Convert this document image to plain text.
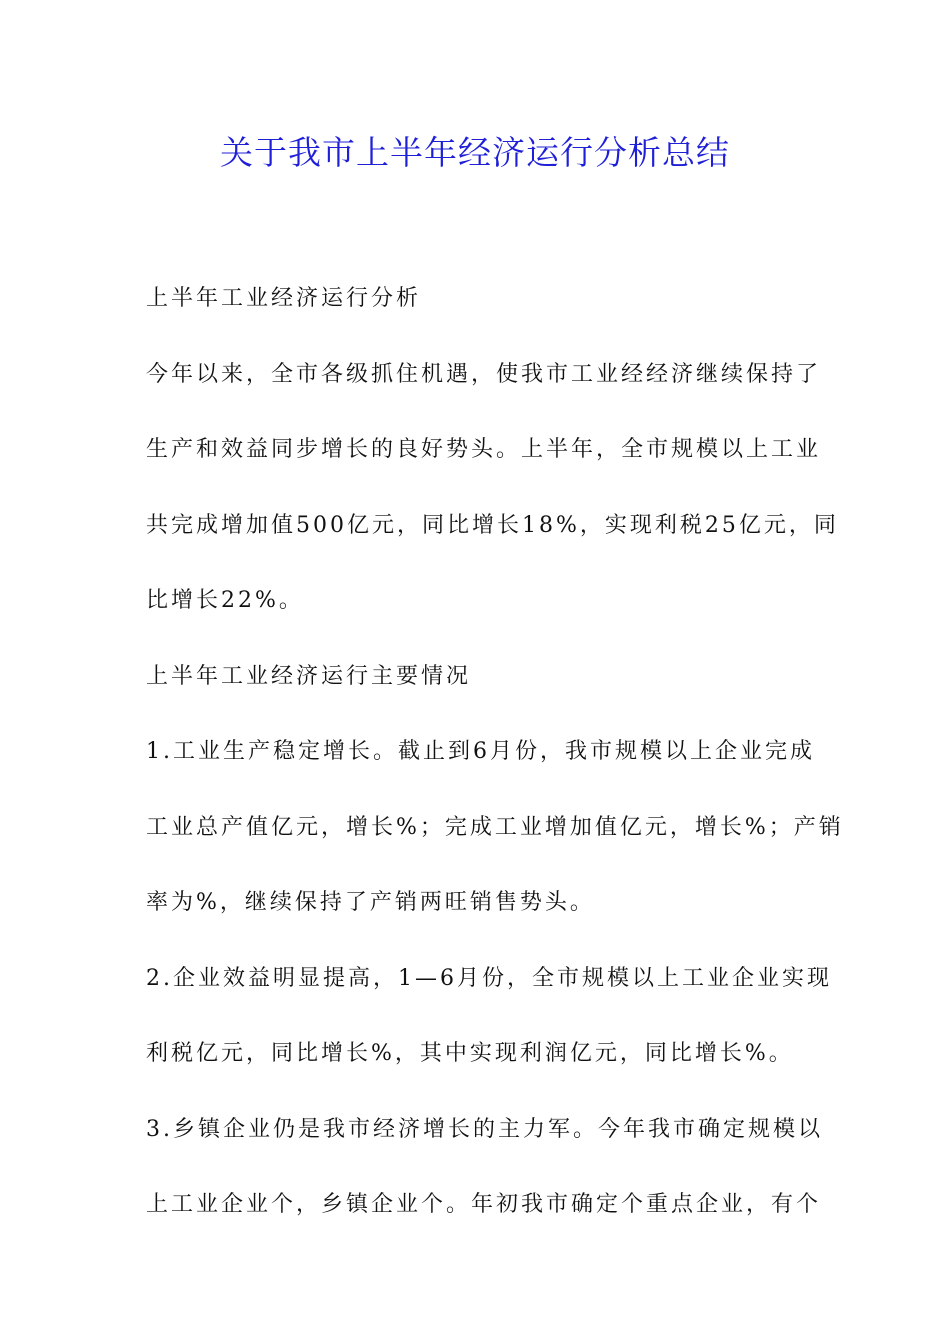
关于我市上半年经济运行分析总结
上半年工业经济运行分析
今年以来，全市各级抓住机遇，使我市工业经经济继续保持了
生产和效益同步增长的良好势头。上半年，全市规模以上工业
共完成增加值500亿元，同比增长18%，实现利税25亿元，同
比增长22%。
上半年工业经济运行主要情况
1.工业生产稳定增长。截止到6月份，我市规模以上企业完成
工业总产值亿元，增长%；完成工业增加值亿元，增长%；产销
率为%，继续保持了产销两旺销售势头。
2.企业效益明显提高，1—6月份，全市规模以上工业企业实现
利税亿元，同比增长%，其中实现利润亿元，同比增长%。
3.乡镇企业仍是我市经济增长的主力军。今年我市确定规模以
上工业企业个，乡镇企业个。年初我市确定个重点企业，有个
